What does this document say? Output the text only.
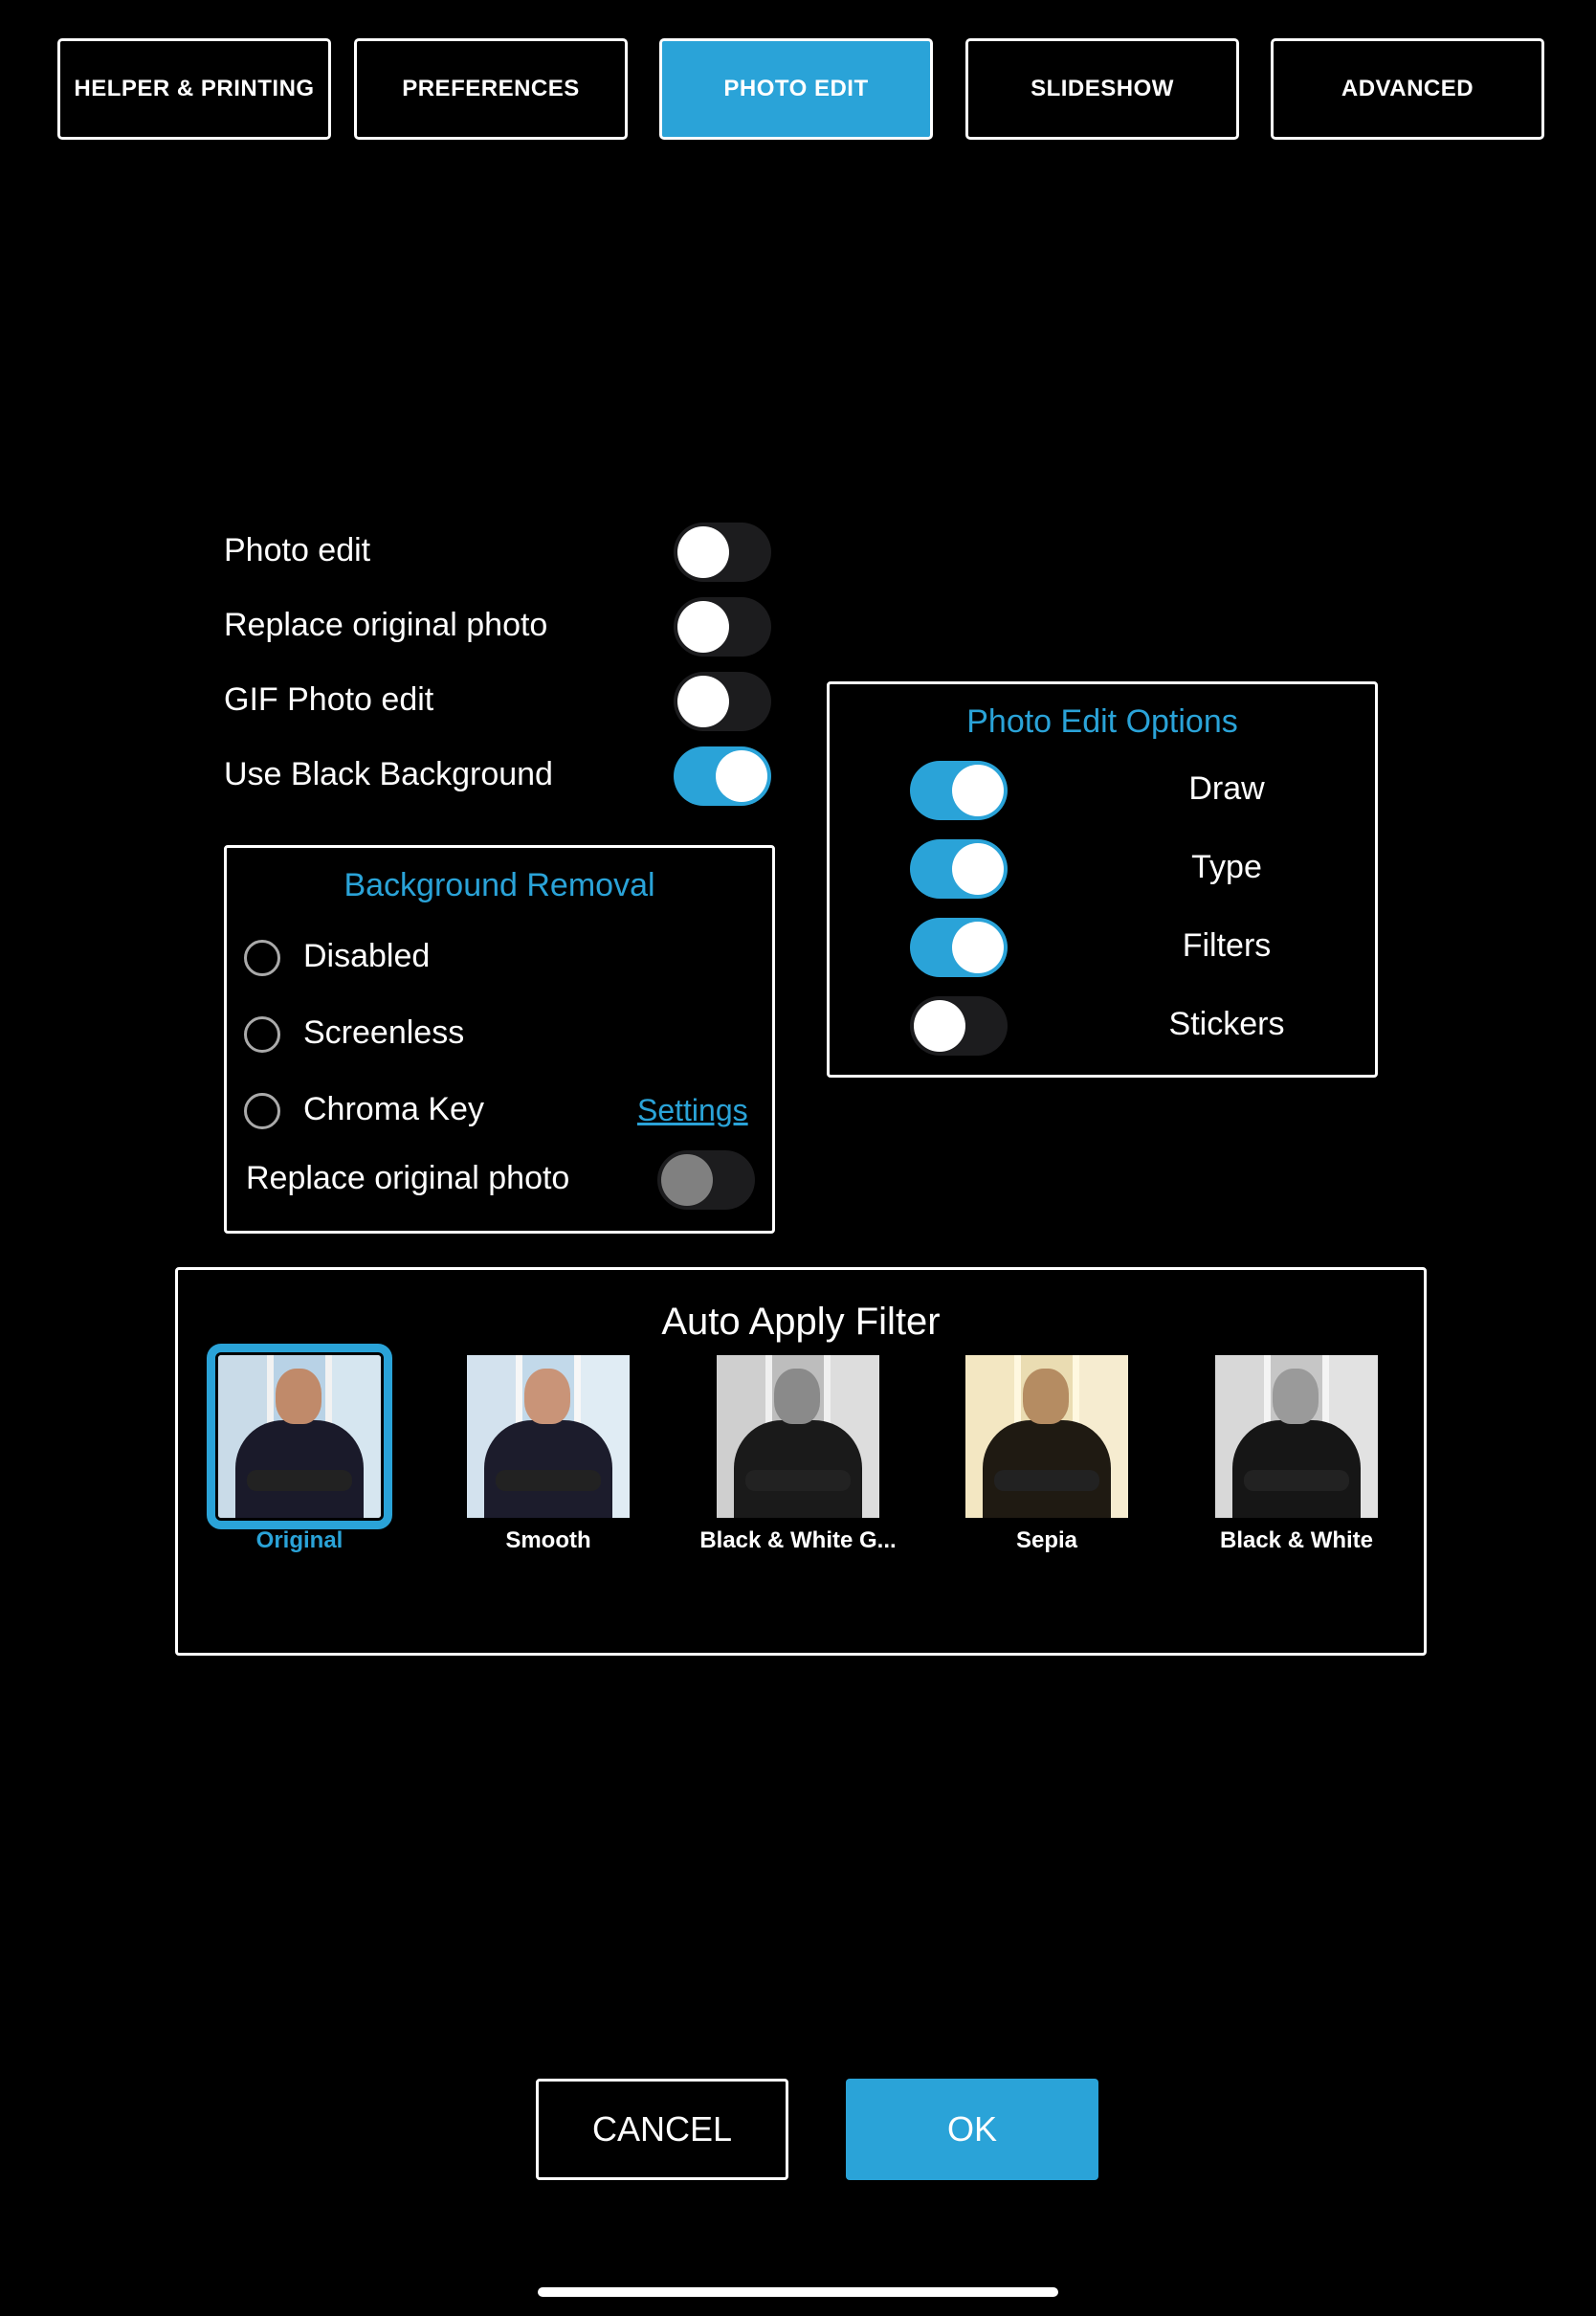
HELPER & PRINTING	PREFERENCES	PHOTO EDIT	SLIDESHOW	ADVANCED
Photo edit
Replace original photo
GIF Photo edit
Use Black Background
Background Removal
Disabled
Screenless
Chroma Key	Settings
Replace original photo
Photo Edit Options
Draw
Type
Filters
Stickers
Auto Apply Filter
Original	Smooth	Black & White G...	Sepia	Black & White
CANCEL	OK
